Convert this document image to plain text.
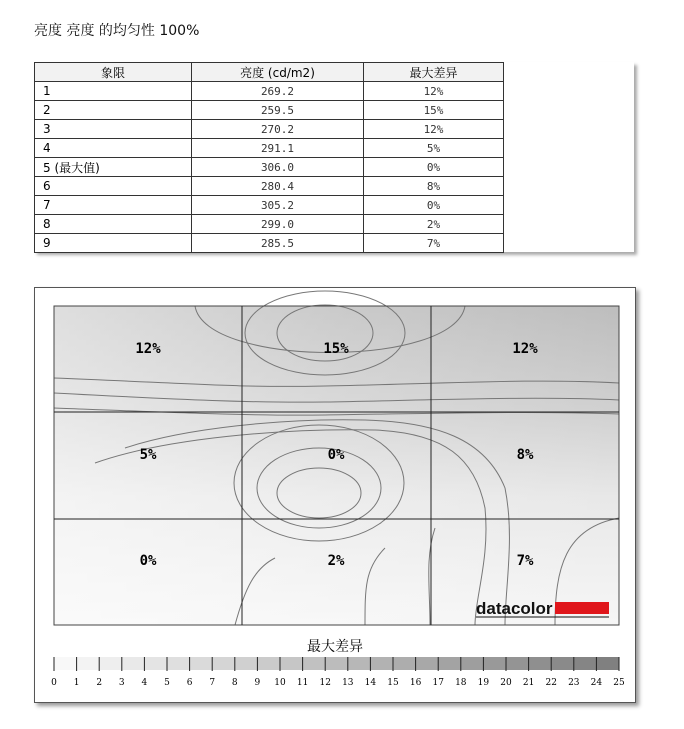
亮度 亮度 的均匀性 100%
象限	亮度 (cd/m2)	最大差异
1	269.2	12%
2	259.5	15%
3	270.2	12%
4	291.1	5%
5 (最大值)	306.0	0%
6	280.4	8%
7	305.2	0%
8	299.0	2%
9	285.5	7%
12%	15%	12%
5%	0%	8%
0%	2%	7%
datacolor
0 1 2 3 4 5 6 7 8 9 10 11 12 13 14 15 16 17 18 19 20 21 22 23 24 25
最大差异
